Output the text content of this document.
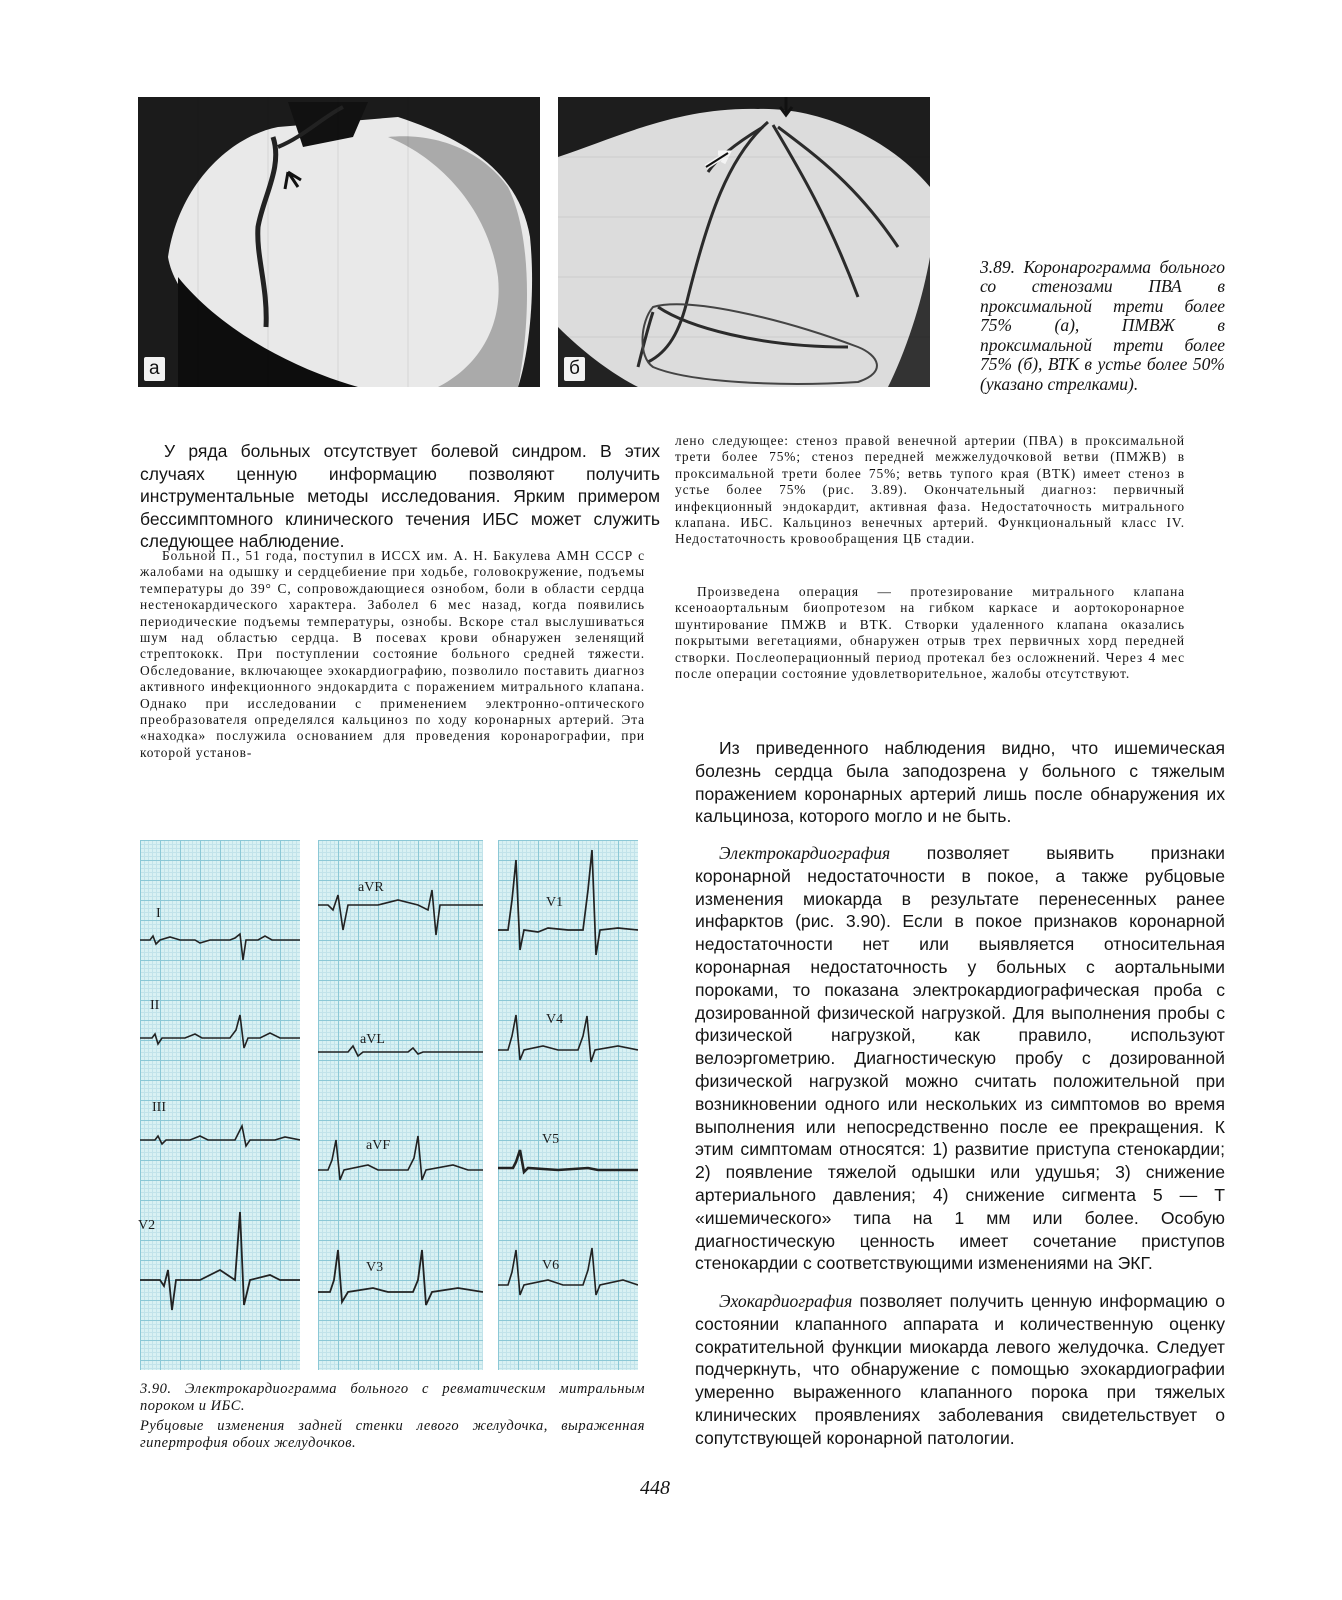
а	б

3.89. Коронарограмма больного со стенозами ПВА в проксимальной трети более 75% (а), ПМВЖ в проксимальной трети более 75% (б), ВТК в устье более 50% (указано стрелками).

У ряда больных отсутствует болевой синдром. В этих случаях ценную информацию позволяют получить инструментальные методы исследования. Ярким примером бессимптомного клинического течения ИБС может служить следующее наблюдение.

Больной П., 51 года, поступил в ИССХ им. А. Н. Бакулева АМН СССР с жалобами на одышку и сердцебиение при ходьбе, головокружение, подъемы температуры до 39° С, сопровождающиеся ознобом, боли в области сердца нестенокардического характера. Заболел 6 мес назад, когда появились периодические подъемы температуры, ознобы. Вскоре стал выслушиваться шум над областью сердца. В посевах крови обнаружен зеленящий стрептококк. При поступлении состояние больного средней тяжести. Обследование, включающее эхокардиографию, позволило поставить диагноз активного инфекционного эндокардита с поражением митрального клапана. Однако при исследовании с применением электронно-оптического преобразователя определялся кальциноз по ходу коронарных артерий. Эта «находка» послужила основанием для проведения коронарографии, при которой установ-

лено следующее: стеноз правой венечной артерии (ПВА) в проксимальной трети более 75%; стеноз передней межжелудочковой ветви (ПМЖВ) в проксимальной трети более 75%; ветвь тупого края (ВТК) имеет стеноз в устье более 75% (рис. 3.89). Окончательный диагноз: первичный инфекционный эндокардит, активная фаза. Недостаточность митрального клапана. ИБС. Кальциноз венечных артерий. Функциональный класс IV. Недостаточность кровообращения ЦБ стадии.

Произведена операция — протезирование митрального клапана ксеноаортальным биопротезом на гибком каркасе и аортокоронарное шунтирование ПМЖВ и ВТК. Створки удаленного клапана оказались покрытыми вегетациями, обнаружен отрыв трех первичных хорд передней створки. Послеоперационный период протекал без осложнений. Через 4 мес после операции состояние удовлетворительное, жалобы отсутствуют.

Из приведенного наблюдения видно, что ишемическая болезнь сердца была заподозрена у больного с тяжелым поражением коронарных артерий лишь после обнаружения их кальциноза, которого могло и не быть.

Электрокардиография позволяет выявить признаки коронарной недостаточности в покое, а также рубцовые изменения миокарда в результате перенесенных ранее инфарктов (рис. 3.90). Если в покое признаков коронарной недостаточности нет или выявляется относительная коронарная недостаточность у больных с аортальными пороками, то показана электрокардиографическая проба с дозированной физической нагрузкой. Для выполнения пробы с физической нагрузкой, как правило, используют велоэргометрию. Диагностическую пробу с дозированной физической нагрузкой можно считать положительной при возникновении одного или нескольких из симптомов во время выполнения или непосредственно после ее прекращения. К этим симптомам относятся: 1) развитие приступа стенокардии; 2) появление тяжелой одышки или удушья; 3) снижение артериального давления; 4) снижение сигмента 5 — T «ишемического» типа на 1 мм или более. Особую диагностическую ценность имеет сочетание приступов стенокардии с соответствующими изменениями на ЭКГ.

Эхокардиография позволяет получить ценную информацию о состоянии клапанного аппарата и количественную оценку сократительной функции миокарда левого желудочка. Следует подчеркнуть, что обнаружение с помощью эхокардиографии умеренно выраженного клапанного порока при тяжелых клинических проявлениях заболевания свидетельствует о сопутствующей коронарной патологии.

I
II
III
V2
aVR
aVL
aVF
V3
V1
V4
V5
V6
3.90. Электрокардиограмма больного с ревматическим митральным пороком и ИБС.
Рубцовые изменения задней стенки левого желудочка, выраженная гипертрофия обоих желудочков.
448
